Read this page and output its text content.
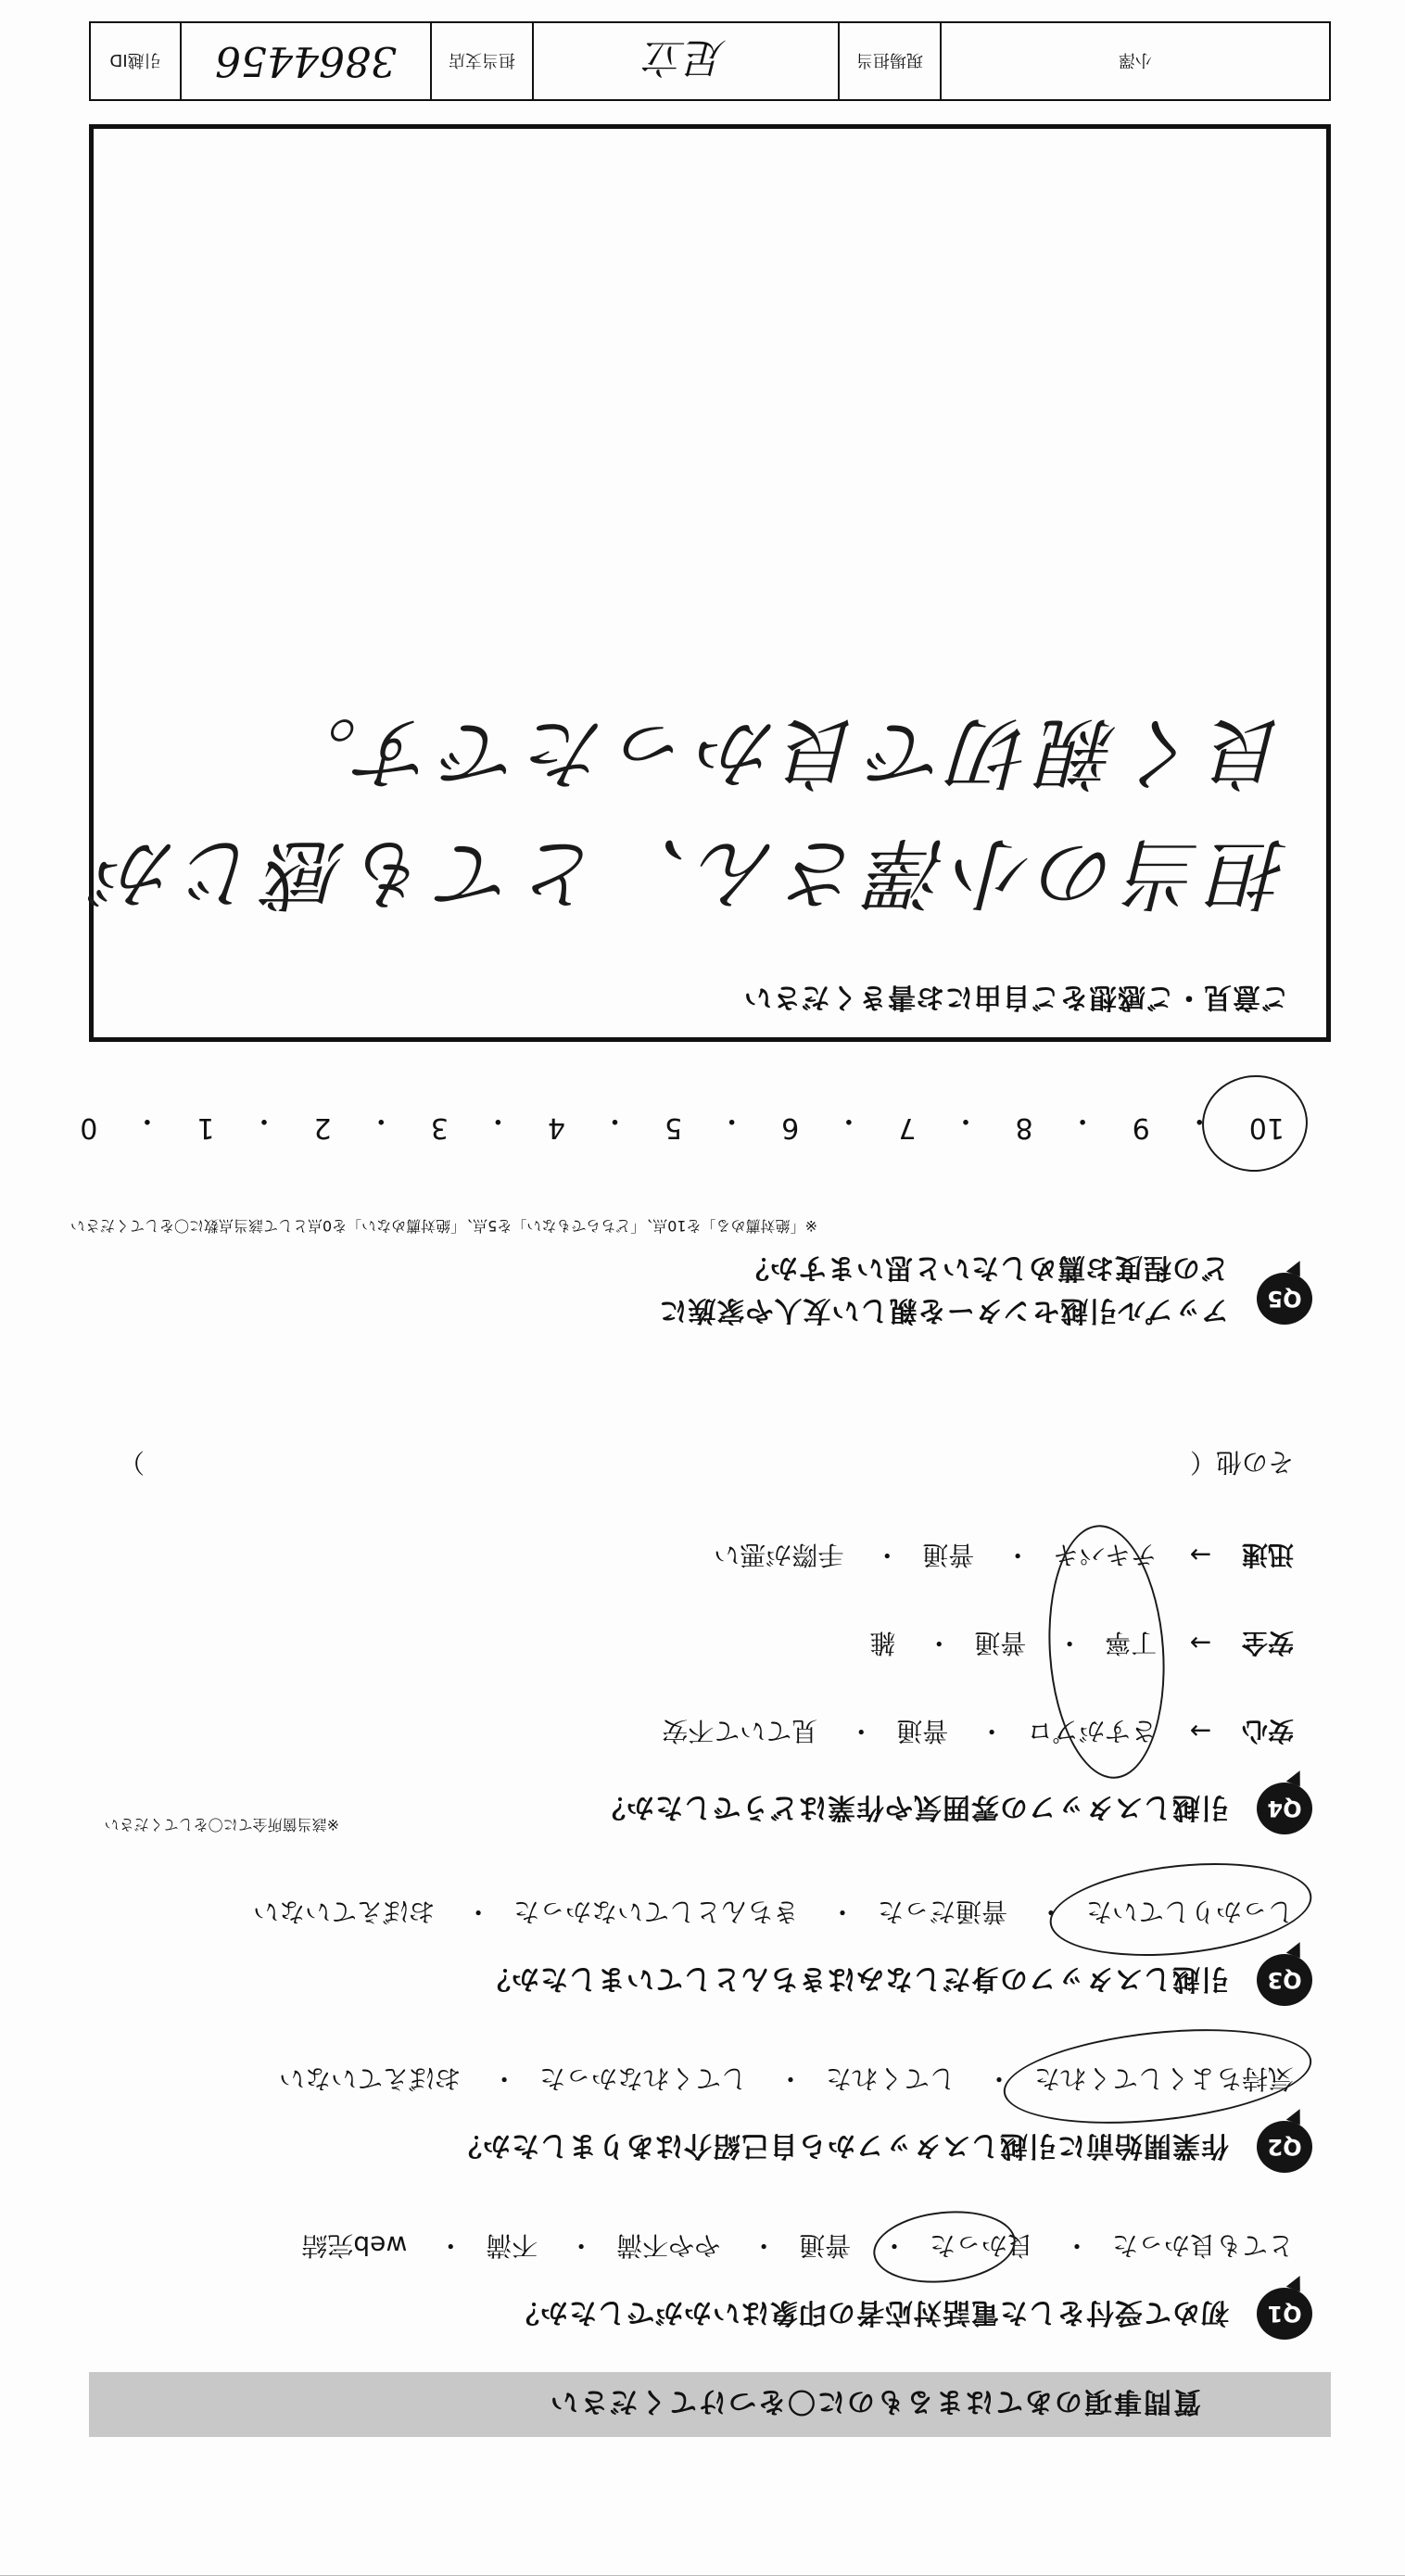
質問事項のあてはまるものに〇をつけてください
Q1
初めて受付をした電話対応者の印象はいかがでしたか？
とても良かった・ 良かった・ 普通・ やや不満・ 不満・ web完結
Q2
作業開始前に引越しスタッフから自己紹介はありましたか？
気持ちよくしてくれた・ してくれた・ してくれなかった・ おぼえていない
Q3
引越しスタッフの身だしなみはきちんとしていましたか？
しっかりしていた・ 普通だった・ きちんとしていなかった・ おぼえていない
Q4
引越しスタッフの雰囲気や作業はどうでしたか？
※該当箇所全てに〇をしてください
安心 → さすがプロ・ 普通・ 見ていて不安
安全 → 丁寧・ 普通・ 雑
迅速 → テキパキ・ 普通・ 手際が悪い
その他（
）
Q5
アップル引越センターを親しい友人や家族に
どの程度お薦めしたいと思いますか？
※「絶対薦める」を10点、「どちらでもない」を5点、「絶対薦めない」を0点として該当点数に〇をしてください
10
・
9
・
8
・
7
・
6
・
5
・
4
・
3
・
2
・
1
・
0
ご意見・ご感想をご自由にお書きください
担当の小澤さん、とても感じが
良く親切で良かったです。
小澤
現場担当
足立
担当支店
3864456
引越ID
